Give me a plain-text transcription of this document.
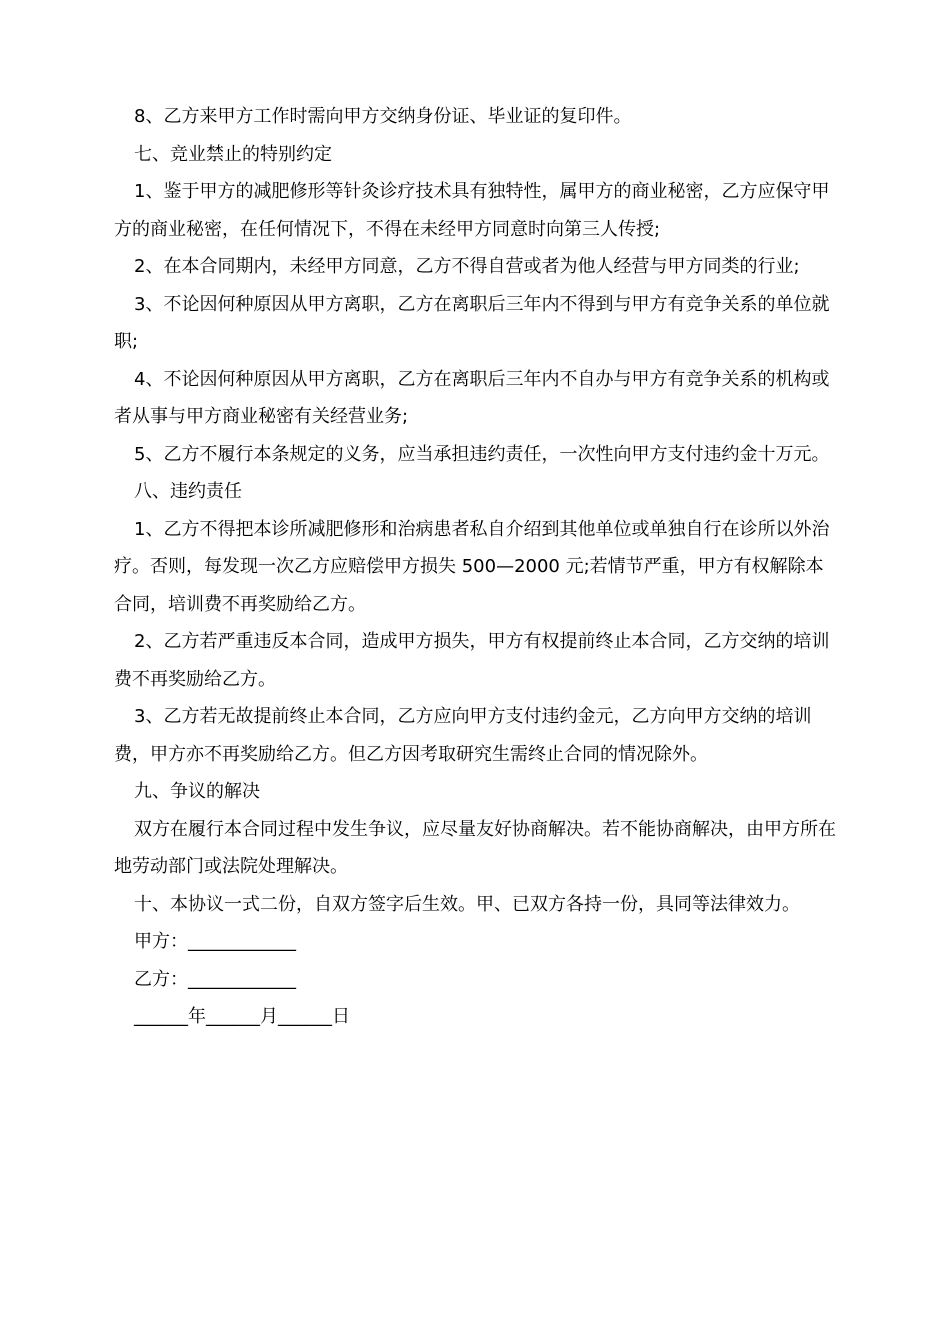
8、乙方来甲方工作时需向甲方交纳身份证、毕业证的复印件。

七、竞业禁止的特别约定

1、鉴于甲方的减肥修形等针灸诊疗技术具有独特性，属甲方的商业秘密，乙方应保守甲方的商业秘密，在任何情况下，不得在未经甲方同意时向第三人传授;

2、在本合同期内，未经甲方同意，乙方不得自营或者为他人经营与甲方同类的行业;

3、不论因何种原因从甲方离职，乙方在离职后三年内不得到与甲方有竞争关系的单位就职;

4、不论因何种原因从甲方离职，乙方在离职后三年内不自办与甲方有竞争关系的机构或者从事与甲方商业秘密有关经营业务;

5、乙方不履行本条规定的义务，应当承担违约责任，一次性向甲方支付违约金十万元。

八、违约责任

1、乙方不得把本诊所减肥修形和治病患者私自介绍到其他单位或单独自行在诊所以外治疗。否则，每发现一次乙方应赔偿甲方损失 500—2000 元;若情节严重，甲方有权解除本合同，培训费不再奖励给乙方。

2、乙方若严重违反本合同，造成甲方损失，甲方有权提前终止本合同，乙方交纳的培训费不再奖励给乙方。

3、乙方若无故提前终止本合同，乙方应向甲方支付违约金元，乙方向甲方交纳的培训费，甲方亦不再奖励给乙方。但乙方因考取研究生需终止合同的情况除外。

九、争议的解决

双方在履行本合同过程中发生争议，应尽量友好协商解决。若不能协商解决，由甲方所在地劳动部门或法院处理解决。

十、本协议一式二份，自双方签字后生效。甲、已双方各持一份，具同等法律效力。

甲方：____________

乙方：____________

______年______月______日
